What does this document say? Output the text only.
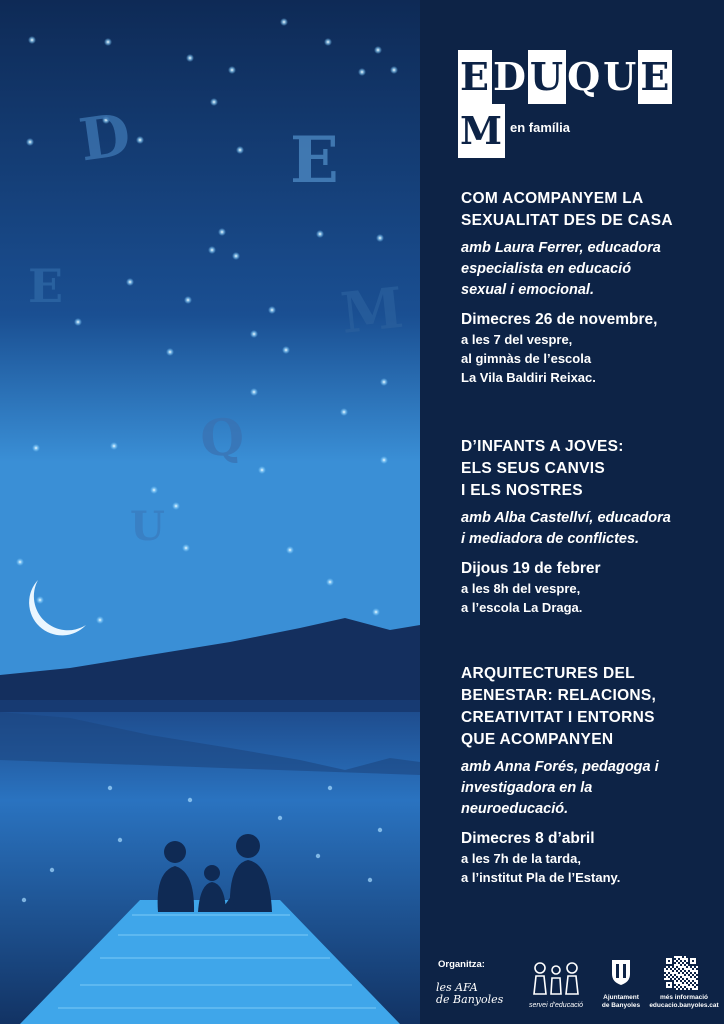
D E
E	M
Q
U
EDUQUEM en família
COM ACOMPANYEM LA
SEXUALITAT DES DE CASA
amb Laura Ferrer, educadora
especialista en educació
sexual i emocional.
Dimecres 26 de novembre,
a les 7 del vespre,
al gimnàs de l’escola
La Vila Baldiri Reixac.
D’INFANTS A JOVES:
ELS SEUS CANVIS
I ELS NOSTRES
amb Alba Castellví, educadora
i mediadora de conflictes.
Dijous 19 de febrer
a les 8h del vespre,
a l’escola La Draga.
ARQUITECTURES DEL
BENESTAR: RELACIONS,
CREATIVITAT I ENTORNS
QUE ACOMPANYEN
amb Anna Forés, pedagoga i
investigadora en la
neuroeducació.
Dimecres 8 d’abril
a les 7h de la tarda,
a l’institut Pla de l’Estany.
Organitza:
les AFA
de Banyoles	servei d’educació
Ajuntament
de Banyoles
més informació
educacio.banyoles.cat
